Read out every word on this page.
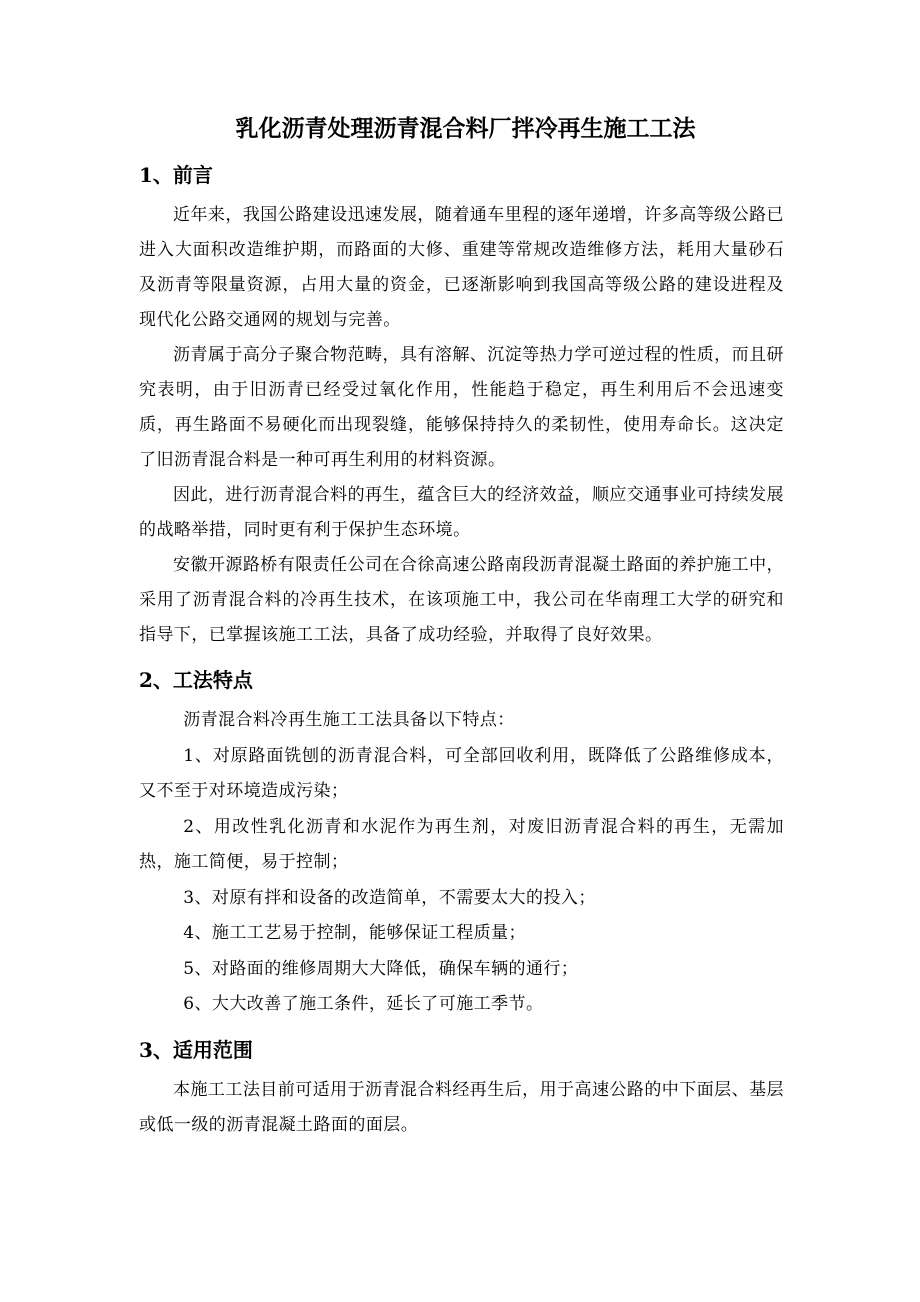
乳化沥青处理沥青混合料厂拌冷再生施工工法
1、前言

近年来，我国公路建设迅速发展，随着通车里程的逐年递增，许多高等级公路已进入大面积改造维护期，而路面的大修、重建等常规改造维修方法，耗用大量砂石及沥青等限量资源，占用大量的资金，已逐渐影响到我国高等级公路的建设进程及现代化公路交通网的规划与完善。

沥青属于高分子聚合物范畴，具有溶解、沉淀等热力学可逆过程的性质，而且研究表明，由于旧沥青已经受过氧化作用，性能趋于稳定，再生利用后不会迅速变质，再生路面不易硬化而出现裂缝，能够保持持久的柔韧性，使用寿命长。这决定了旧沥青混合料是一种可再生利用的材料资源。

因此，进行沥青混合料的再生，蕴含巨大的经济效益，顺应交通事业可持续发展的战略举措，同时更有利于保护生态环境。

安徽开源路桥有限责任公司在合徐高速公路南段沥青混凝土路面的养护施工中，采用了沥青混合料的冷再生技术，在该项施工中，我公司在华南理工大学的研究和指导下，已掌握该施工工法，具备了成功经验，并取得了良好效果。

2、工法特点

沥青混合料冷再生施工工法具备以下特点：

1、对原路面铣刨的沥青混合料，可全部回收利用，既降低了公路维修成本，又不至于对环境造成污染；

2、用改性乳化沥青和水泥作为再生剂，对废旧沥青混合料的再生，无需加热，施工简便，易于控制；

3、对原有拌和设备的改造简单，不需要太大的投入；

4、施工工艺易于控制，能够保证工程质量；

5、对路面的维修周期大大降低，确保车辆的通行；

6、大大改善了施工条件，延长了可施工季节。

3、适用范围

本施工工法目前可适用于沥青混合料经再生后，用于高速公路的中下面层、基层或低一级的沥青混凝土路面的面层。
